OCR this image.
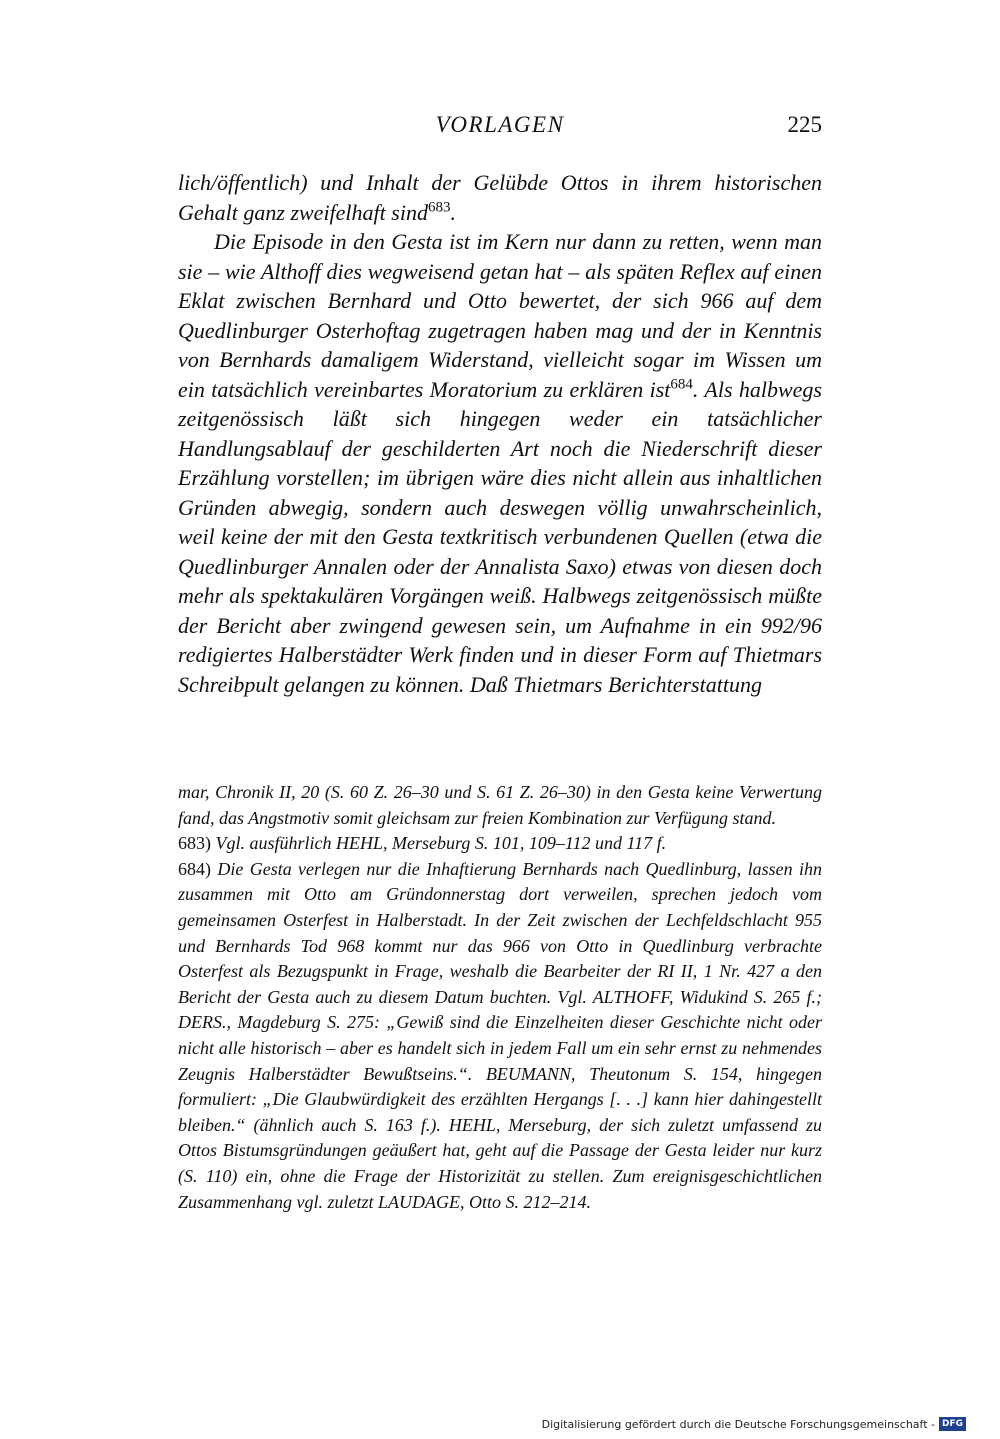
VORLAGEN	225

lich/öffentlich) und Inhalt der Gelübde Ottos in ihrem historischen Gehalt ganz zweifelhaft sind$^{683}$.

Die Episode in den Gesta ist im Kern nur dann zu retten, wenn man sie – wie Althoff dies wegweisend getan hat – als späten Reflex auf einen Eklat zwischen Bernhard und Otto bewertet, der sich 966 auf dem Quedlinburger Osterhoftag zugetragen haben mag und der in Kenntnis von Bernhards damaligem Widerstand, vielleicht sogar im Wissen um ein tatsächlich vereinbartes Moratorium zu erklären ist$^{684}$. Als halbwegs zeitgenössisch läßt sich hingegen weder ein tatsächlicher Handlungsablauf der geschilderten Art noch die Niederschrift dieser Erzählung vorstellen; im übrigen wäre dies nicht allein aus inhaltlichen Gründen abwegig, sondern auch deswegen völlig unwahrscheinlich, weil keine der mit den Gesta textkritisch verbundenen Quellen (etwa die Quedlinburger Annalen oder der Annalista Saxo) etwas von diesen doch mehr als spektakulären Vorgängen weiß. Halbwegs zeitgenössisch müßte der Bericht aber zwingend gewesen sein, um Aufnahme in ein 992/96 redigiertes Halberstädter Werk finden und in dieser Form auf Thietmars Schreibpult gelangen zu können. Daß Thietmars Berichterstattung

mar, Chronik II, 20 (S. 60 Z. 26–30 und S. 61 Z. 26–30) in den Gesta keine Verwertung fand, das Angstmotiv somit gleichsam zur freien Kombination zur Verfügung stand.

683) Vgl. ausführlich HEHL, Merseburg S. 101, 109–112 und 117 f.

684) Die Gesta verlegen nur die Inhaftierung Bernhards nach Quedlinburg, lassen ihn zusammen mit Otto am Gründonnerstag dort verweilen, sprechen jedoch vom gemeinsamen Osterfest in Halberstadt. In der Zeit zwischen der Lechfeldschlacht 955 und Bernhards Tod 968 kommt nur das 966 von Otto in Quedlinburg verbrachte Osterfest als Bezugspunkt in Frage, weshalb die Bearbeiter der RI II, 1 Nr. 427 a den Bericht der Gesta auch zu diesem Datum buchten. Vgl. ALTHOFF, Widukind S. 265 f.; DERS., Magdeburg S. 275: „Gewiß sind die Einzelheiten dieser Geschichte nicht oder nicht alle historisch – aber es handelt sich in jedem Fall um ein sehr ernst zu nehmendes Zeugnis Halberstädter Bewußtseins.“. BEUMANN, Theutonum S. 154, hingegen formuliert: „Die Glaubwürdigkeit des erzählten Hergangs [. . .] kann hier dahingestellt bleiben.“ (ähnlich auch S. 163 f.). HEHL, Merseburg, der sich zuletzt umfassend zu Ottos Bistumsgründungen geäußert hat, geht auf die Passage der Gesta leider nur kurz (S. 110) ein, ohne die Frage der Historizität zu stellen. Zum ereignisgeschichtlichen Zusammenhang vgl. zuletzt LAUDAGE, Otto S. 212–214.

Digitalisierung gefördert durch die Deutsche Forschungsgemeinschaft - DFG
